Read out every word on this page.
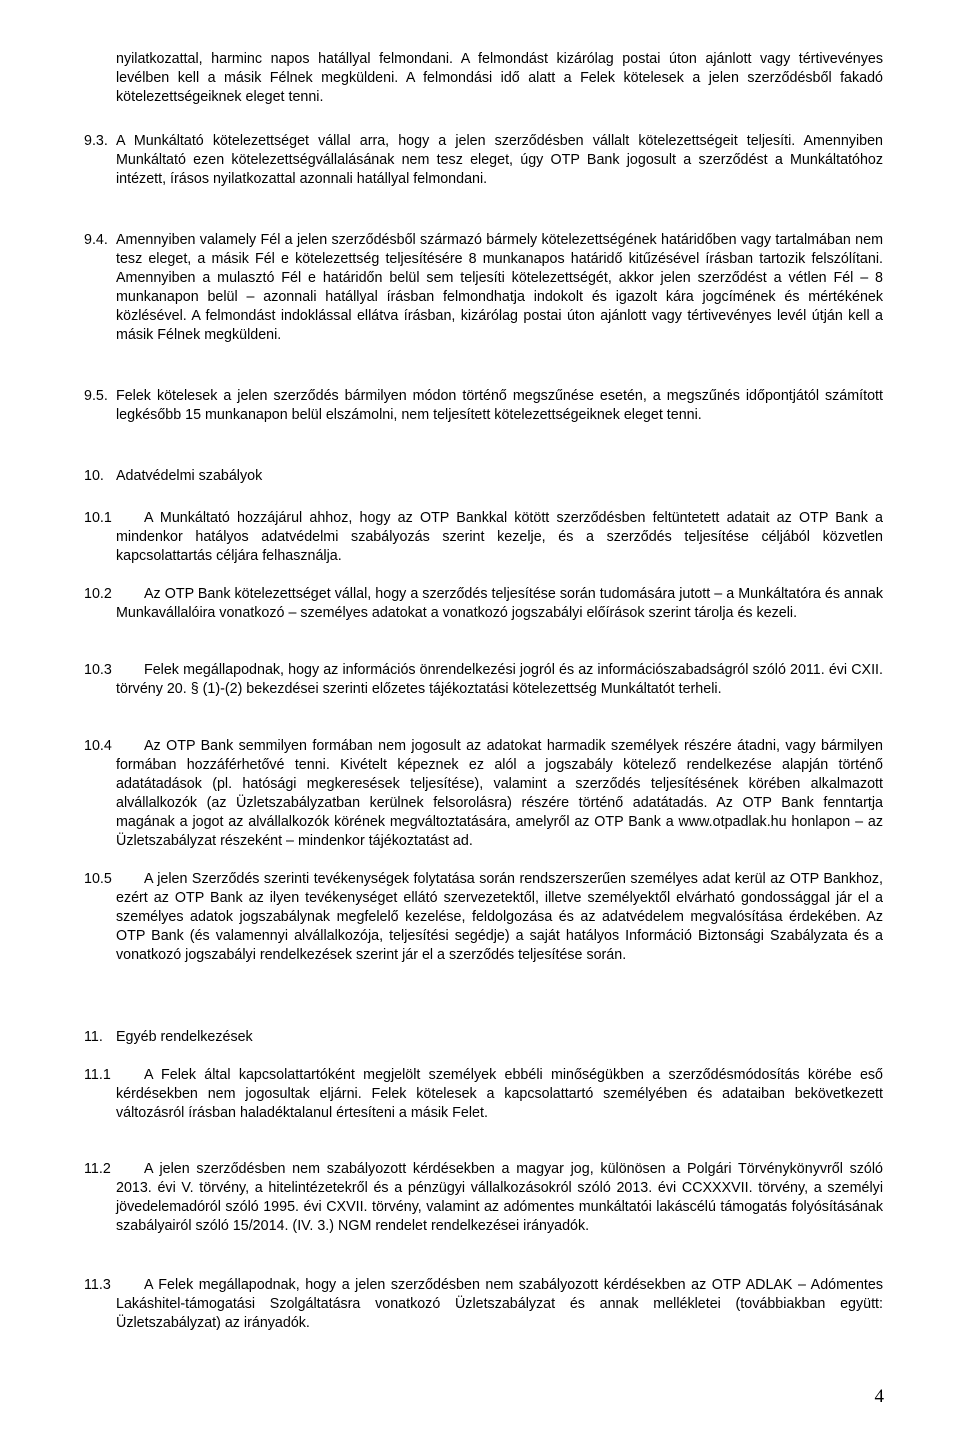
nyilatkozattal, harminc napos hatállyal felmondani. A felmondást kizárólag postai úton ajánlott vagy tértivevényes levélben kell a másik Félnek megküldeni. A felmondási idő alatt a Felek kötelesek a jelen szerződésből fakadó kötelezettségeiknek eleget tenni.

9.3. A Munkáltató kötelezettséget vállal arra, hogy a jelen szerződésben vállalt kötelezettségeit teljesíti. Amennyiben Munkáltató ezen kötelezettségvállalásának nem tesz eleget, úgy OTP Bank jogosult a szerződést a Munkáltatóhoz intézett, írásos nyilatkozattal azonnali hatállyal felmondani.

9.4. Amennyiben valamely Fél a jelen szerződésből származó bármely kötelezettségének határidőben vagy tartalmában nem tesz eleget, a másik Fél e kötelezettség teljesítésére 8 munkanapos határidő kitűzésével írásban tartozik felszólítani. Amennyiben a mulasztó Fél e határidőn belül sem teljesíti kötelezettségét, akkor jelen szerződést a vétlen Fél – 8 munkanapon belül – azonnali hatállyal írásban felmondhatja indokolt és igazolt kára jogcímének és mértékének közlésével. A felmondást indoklással ellátva írásban, kizárólag postai úton ajánlott vagy tértivevényes levél útján kell a másik Félnek megküldeni.

9.5. Felek kötelesek a jelen szerződés bármilyen módon történő megszűnése esetén, a megszűnés időpontjától számított legkésőbb 15 munkanapon belül elszámolni, nem teljesített kötelezettségeiknek eleget tenni.

10. Adatvédelmi szabályok
10.1	A Munkáltató hozzájárul ahhoz, hogy az OTP Bankkal kötött szerződésben feltüntetett adatait az OTP Bank a mindenkor hatályos adatvédelmi szabályozás szerint kezelje, és a szerződés teljesítése céljából közvetlen kapcsolattartás céljára felhasználja.

10.2	Az OTP Bank kötelezettséget vállal, hogy a szerződés teljesítése során tudomására jutott – a Munkáltatóra és annak Munkavállalóira vonatkozó – személyes adatokat a vonatkozó jogszabályi előírások szerint tárolja és kezeli.

10.3	Felek megállapodnak, hogy az információs önrendelkezési jogról és az információszabadságról szóló 2011. évi CXII. törvény 20. § (1)-(2) bekezdései szerinti előzetes tájékoztatási kötelezettség Munkáltatót terheli.

10.4	Az OTP Bank semmilyen formában nem jogosult az adatokat harmadik személyek részére átadni, vagy bármilyen formában hozzáférhetővé tenni. Kivételt képeznek ez alól a jogszabály kötelező rendelkezése alapján történő adatátadások (pl. hatósági megkeresések teljesítése), valamint a szerződés teljesítésének körében alkalmazott alvállalkozók (az Üzletszabályzatban kerülnek felsorolásra) részére történő adatátadás. Az OTP Bank fenntartja magának a jogot az alvállalkozók körének megváltoztatására, amelyről az OTP Bank a www.otpadlak.hu honlapon – az Üzletszabályzat részeként – mindenkor tájékoztatást ad.

10.5	A jelen Szerződés szerinti tevékenységek folytatása során rendszerszerűen személyes adat kerül az OTP Bankhoz, ezért az OTP Bank az ilyen tevékenységet ellátó szervezetektől, illetve személyektől elvárható gondossággal jár el a személyes adatok jogszabálynak megfelelő kezelése, feldolgozása és az adatvédelem megvalósítása érdekében. Az OTP Bank (és valamennyi alvállalkozója, teljesítési segédje) a saját hatályos Információ Biztonsági Szabályzata és a vonatkozó jogszabályi rendelkezések szerint jár el a szerződés teljesítése során.

11. Egyéb rendelkezések
11.1	A Felek által kapcsolattartóként megjelölt személyek ebbéli minőségükben a szerződésmódosítás körébe eső kérdésekben nem jogosultak eljárni. Felek kötelesek a kapcsolattartó személyében és adataiban bekövetkezett változásról írásban haladéktalanul értesíteni a másik Felet.

11.2	A jelen szerződésben nem szabályozott kérdésekben a magyar jog, különösen a Polgári Törvénykönyvről szóló 2013. évi V. törvény, a hitelintézetekről és a pénzügyi vállalkozásokról szóló 2013. évi CCXXXVII. törvény, a személyi jövedelemadóról szóló 1995. évi CXVII. törvény, valamint az adómentes munkáltatói lakáscélú támogatás folyósításának szabályairól szóló 15/2014. (IV. 3.) NGM rendelet rendelkezései irányadók.

11.3	A Felek megállapodnak, hogy a jelen szerződésben nem szabályozott kérdésekben az OTP ADLAK – Adómentes Lakáshitel-támogatási Szolgáltatásra vonatkozó Üzletszabályzat és annak mellékletei (továbbiakban együtt: Üzletszabályzat) az irányadók.

4
